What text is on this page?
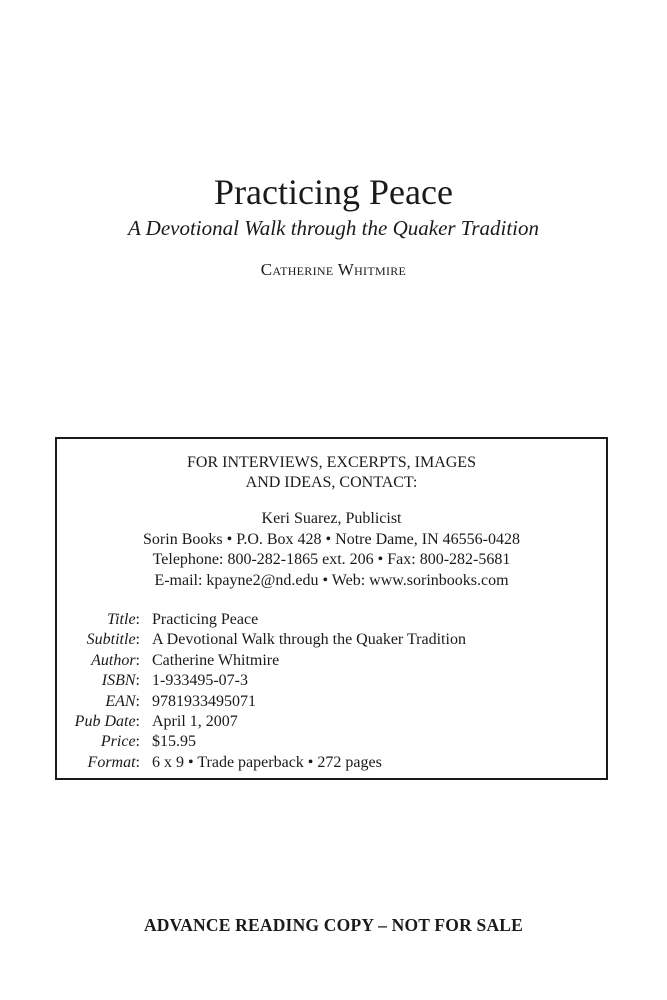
Practicing Peace
A Devotional Walk through the Quaker Tradition
Catherine Whitmire
FOR INTERVIEWS, EXCERPTS, IMAGES
AND IDEAS, CONTACT:
Keri Suarez, Publicist
Sorin Books • P.O. Box 428 • Notre Dame, IN 46556-0428
Telephone: 800-282-1865 ext. 206 • Fax: 800-282-5681
E-mail: kpayne2@nd.edu • Web: www.sorinbooks.com
Title: Practicing Peace
Subtitle: A Devotional Walk through the Quaker Tradition
Author: Catherine Whitmire
ISBN: 1-933495-07-3
EAN: 9781933495071
Pub Date: April 1, 2007
Price: $15.95
Format: 6 x 9 • Trade paperback • 272 pages
ADVANCE READING COPY – NOT FOR SALE
